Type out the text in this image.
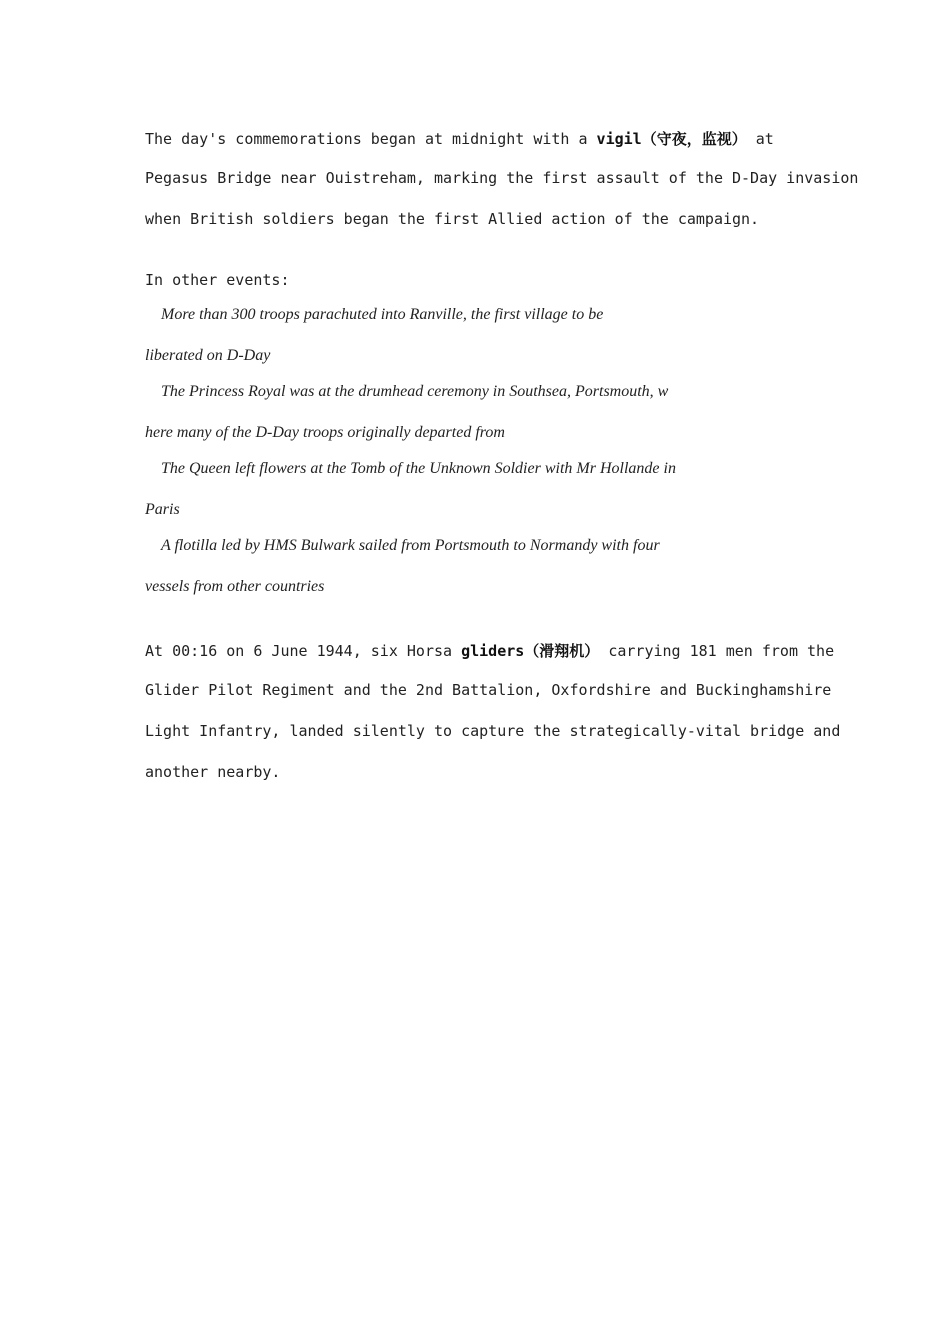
The day's commemorations began at midnight with a vigil（守夜，监视） at
Pegasus Bridge near Ouistreham, marking the first assault of the D-Day invasion
when British soldiers began the first Allied action of the campaign.
In other events:
More than 300 troops parachuted into Ranville, the first village to be
liberated on D-Day
The Princess Royal was at the drumhead ceremony in Southsea, Portsmouth, w
here many of the D-Day troops originally departed from
The Queen left flowers at the Tomb of the Unknown Soldier with Mr Hollande in
Paris
A flotilla led by HMS Bulwark sailed from Portsmouth to Normandy with four
vessels from other countries
At 00:16 on 6 June 1944, six Horsa gliders（滑翔机） carrying 181 men from the
Glider Pilot Regiment and the 2nd Battalion, Oxfordshire and Buckinghamshire
Light Infantry, landed silently to capture the strategically-vital bridge and
another nearby.
